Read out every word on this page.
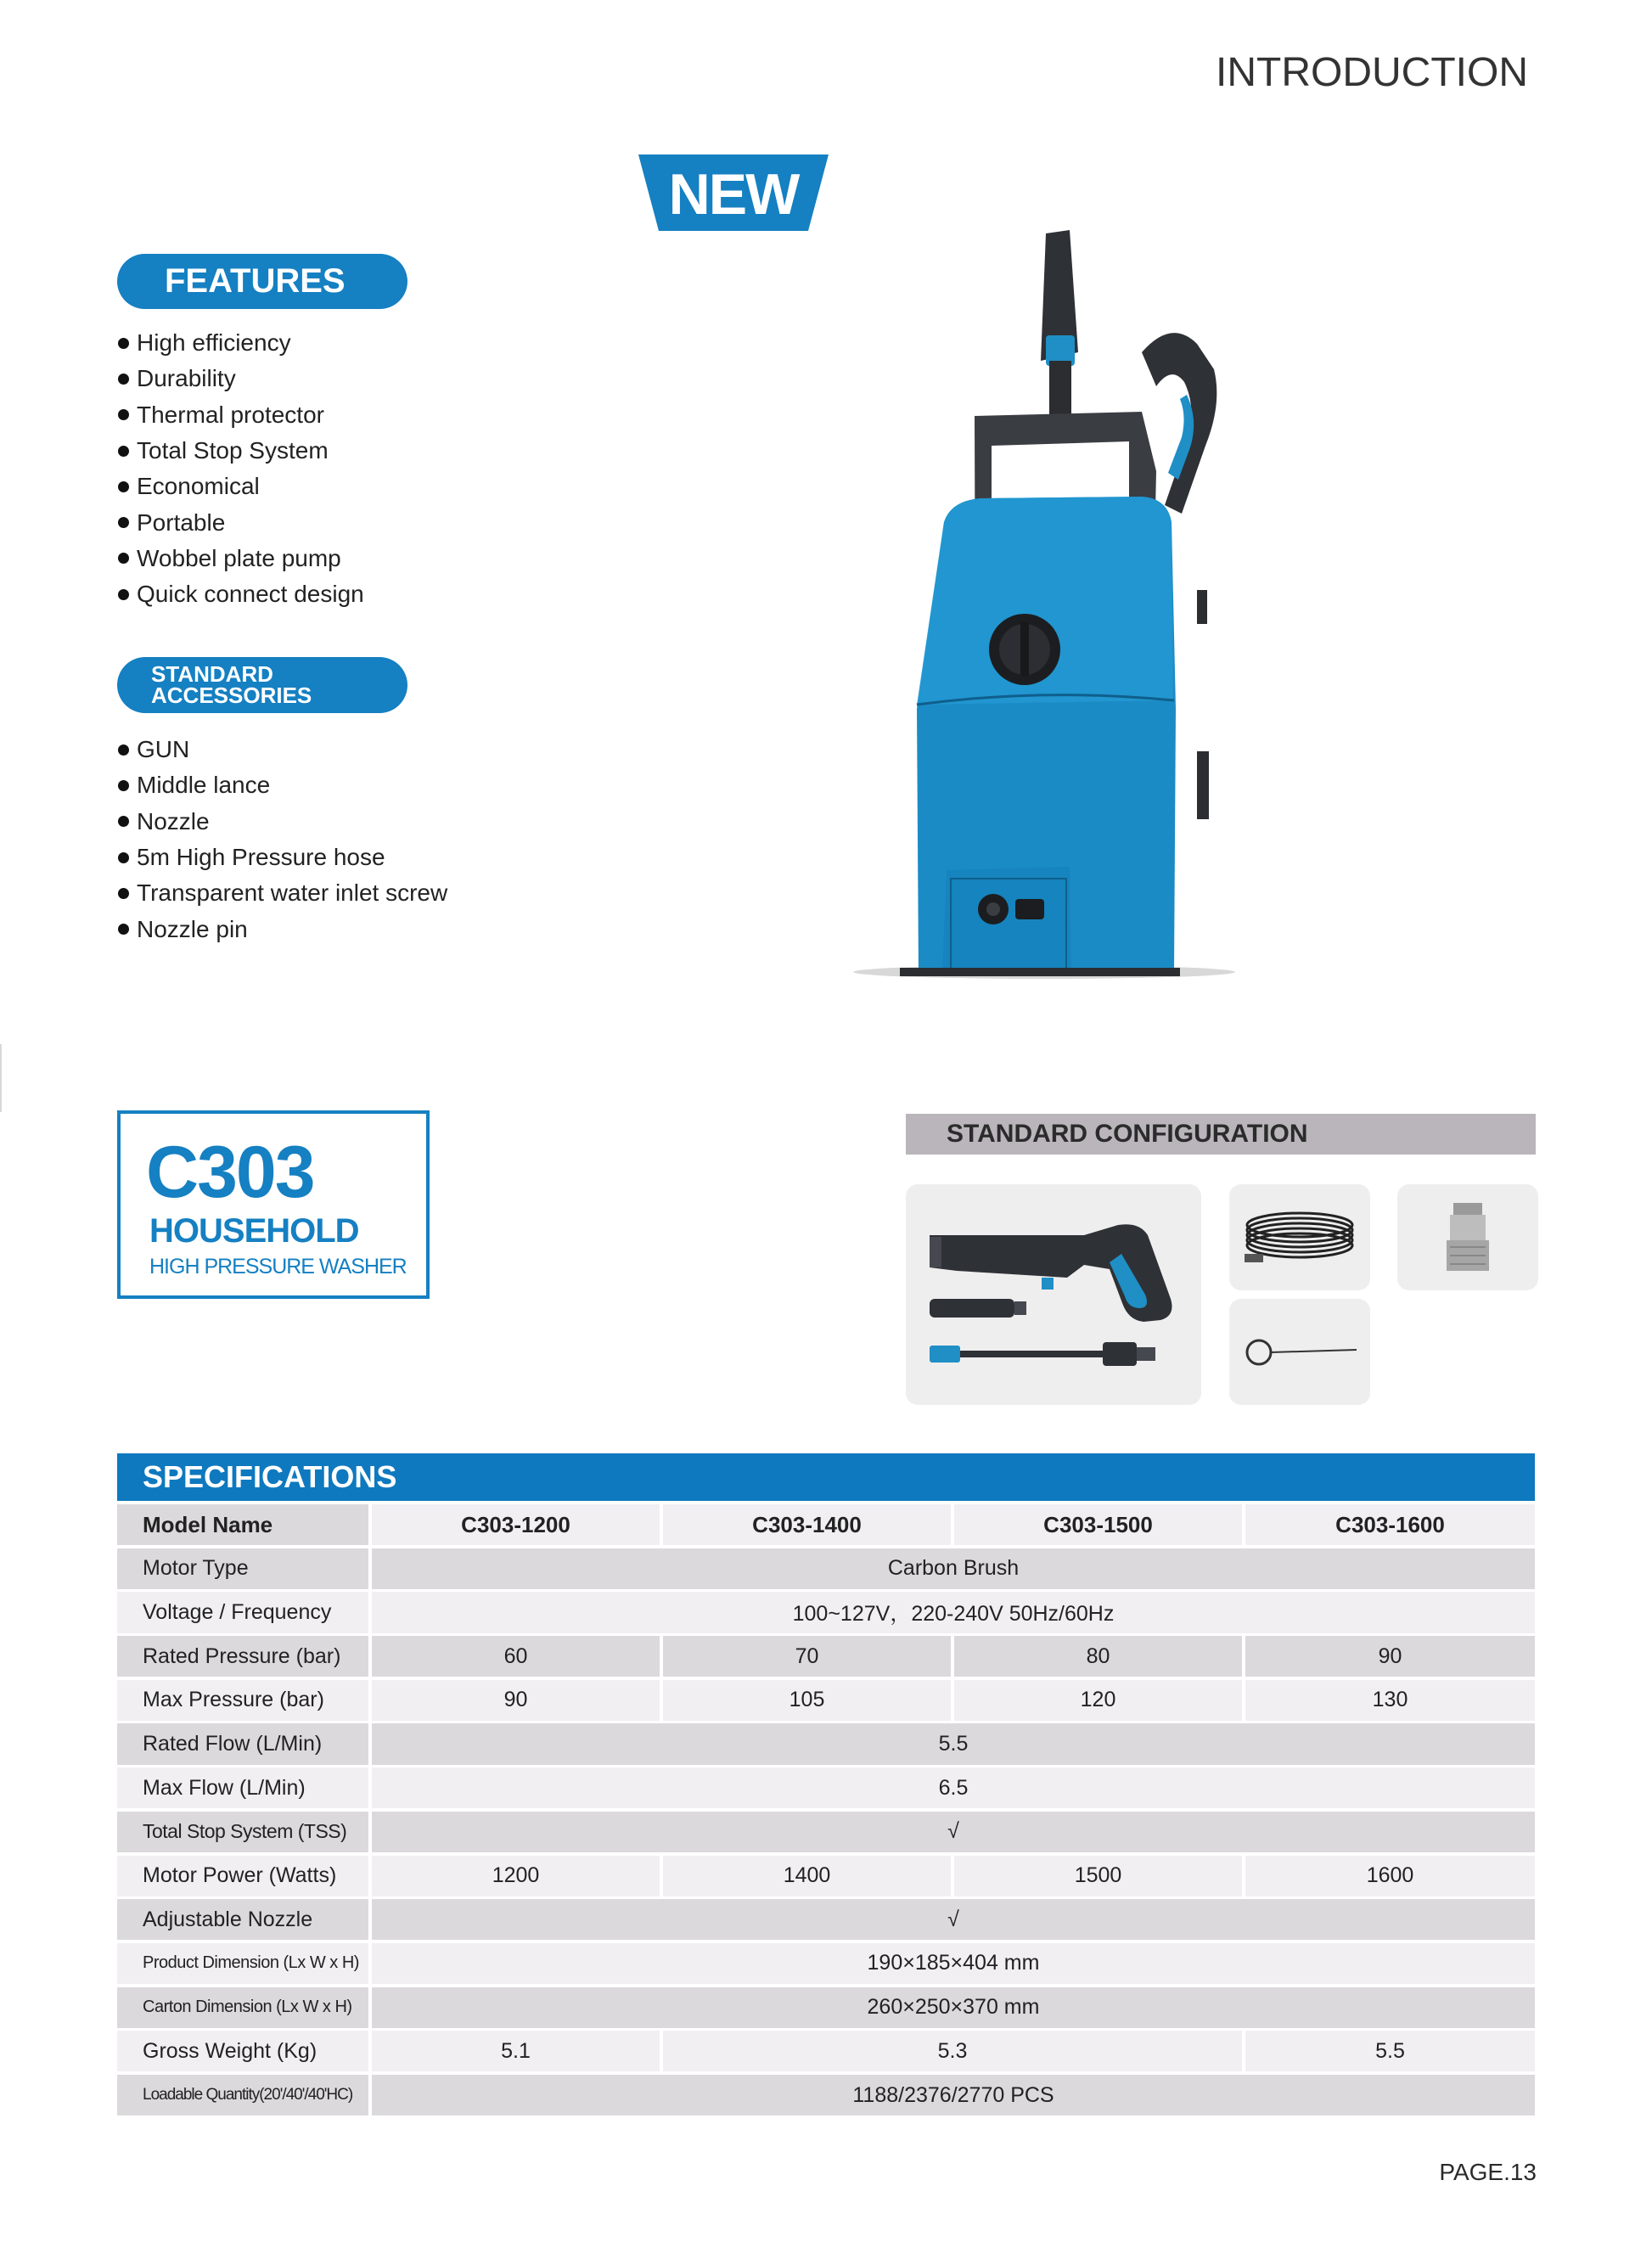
INTRODUCTION
NEW
FEATURES
High efficiency
Durability
Thermal protector
Total Stop System
Economical
Portable
Wobbel plate pump
Quick connect design
STANDARD
ACCESSORIES
GUN
Middle lance
Nozzle
5m High Pressure hose
Transparent water inlet screw
Nozzle pin
C303
HOUSEHOLD
HIGH PRESSURE WASHER
STANDARD CONFIGURATION
SPECIFICATIONS
Model Name	C303-1200	C303-1400	C303-1500	C303-1600
Motor Type	Carbon Brush
Voltage / Frequency	100~127V，220-240V 50Hz/60Hz
Rated Pressure (bar)	60	70	80	90
Max Pressure (bar)	90	105	120	130
Rated Flow (L/Min)	5.5
Max Flow (L/Min)	6.5
Total Stop System (TSS)	√
Motor Power (Watts)	1200	1400	1500	1600
Adjustable Nozzle	√
Product Dimension (Lx W x H)	190×185×404 mm
Carton Dimension (Lx W x H)	260×250×370 mm
Gross Weight (Kg)	5.1	5.3	5.5
Loadable Quantity(20'/40'/40'HC)	1188/2376/2770 PCS
PAGE.13
